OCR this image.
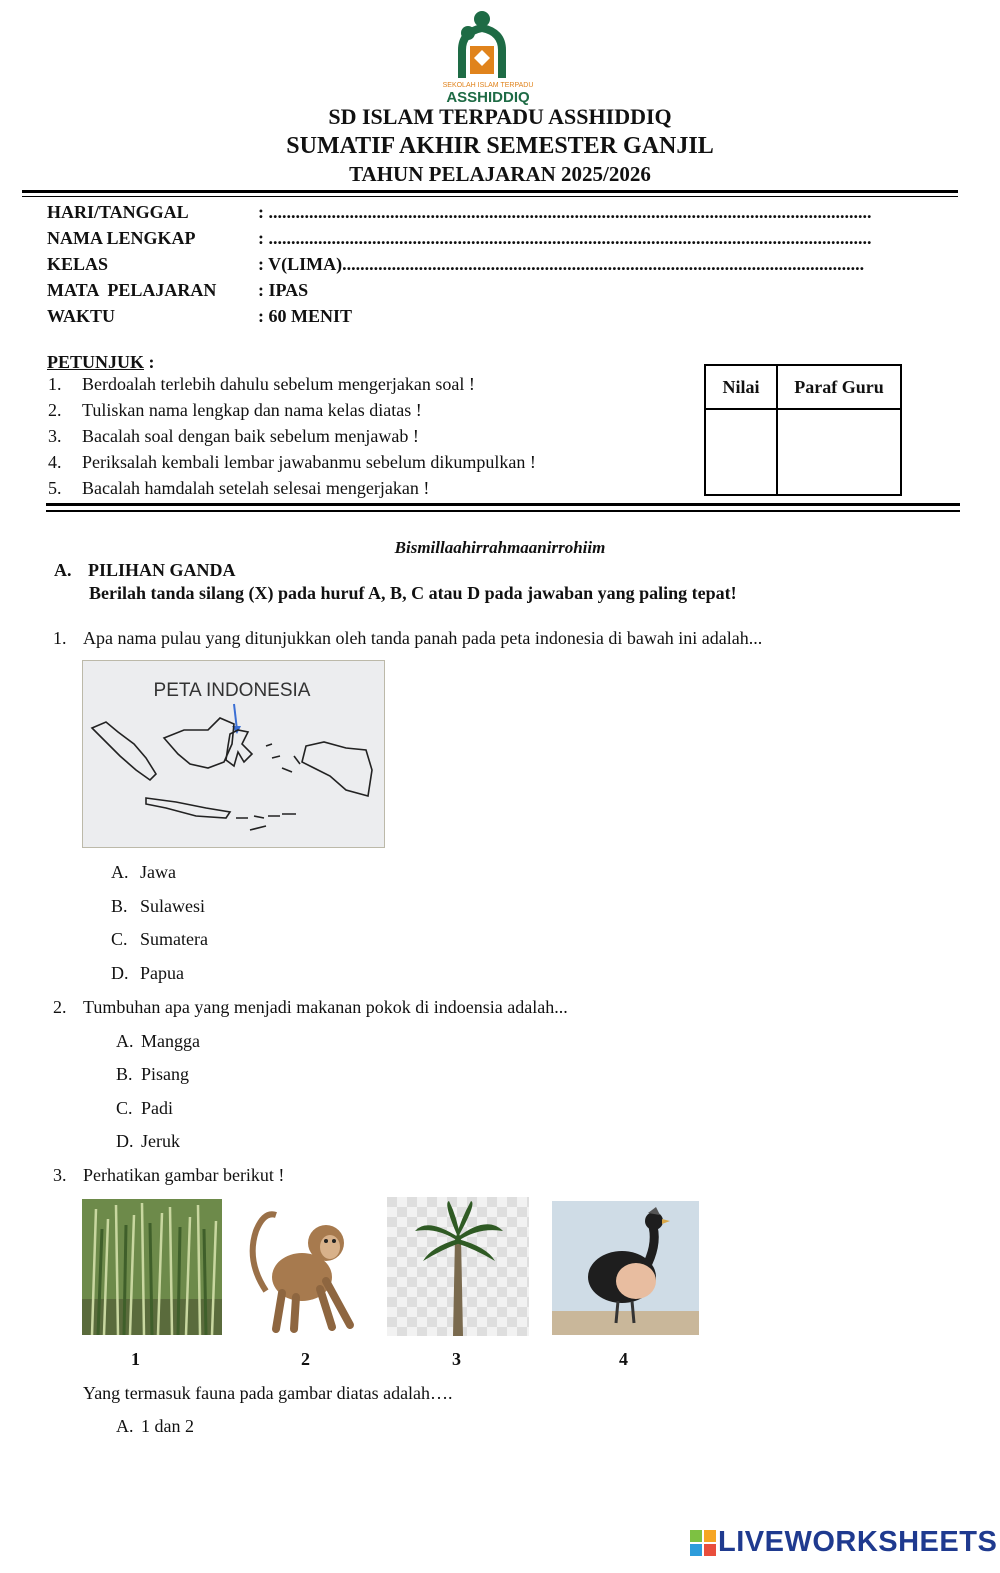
SEKOLAH ISLAM TERPADU
ASSHIDDIQ
SD ISLAM TERPADU ASSHIDDIQ
SUMATIF AKHIR SEMESTER GANJIL
TAHUN PELAJARAN 2025/2026
HARI/TANGGAL	: ......................................................................................................................................
NAMA LENGKAP	: ......................................................................................................................................
KELAS	: V(LIMA)....................................................................................................................
MATA  PELAJARAN : IPAS
WAKTU	: 60 MENIT
PETUNJUK :
1. Berdoalah terlebih dahulu sebelum mengerjakan soal !
2. Tuliskan nama lengkap dan nama kelas diatas !
3. Bacalah soal dengan baik sebelum menjawab !
4. Periksalah kembali lembar jawabanmu sebelum dikumpulkan !
5. Bacalah hamdalah setelah selesai mengerjakan !
Nilai	Paraf Guru

Bismillaahirrahmaanirrohiim
A. PILIHAN GANDA
Berilah tanda silang (X) pada huruf A, B, C atau D pada jawaban yang paling tepat!
1. Apa nama pulau yang ditunjukkan oleh tanda panah pada peta indonesia di bawah ini adalah...
PETA INDONESIA
A. Jawa
B. Sulawesi
C. Sumatera
D. Papua
2. Tumbuhan apa yang menjadi makanan pokok di indoensia adalah...
A. Mangga
B. Pisang
C. Padi
D. Jeruk
3. Perhatikan gambar berikut !
1	2	3	4
Yang termasuk fauna pada gambar diatas adalah….
A. 1 dan 2
LIVEWORKSHEETS
